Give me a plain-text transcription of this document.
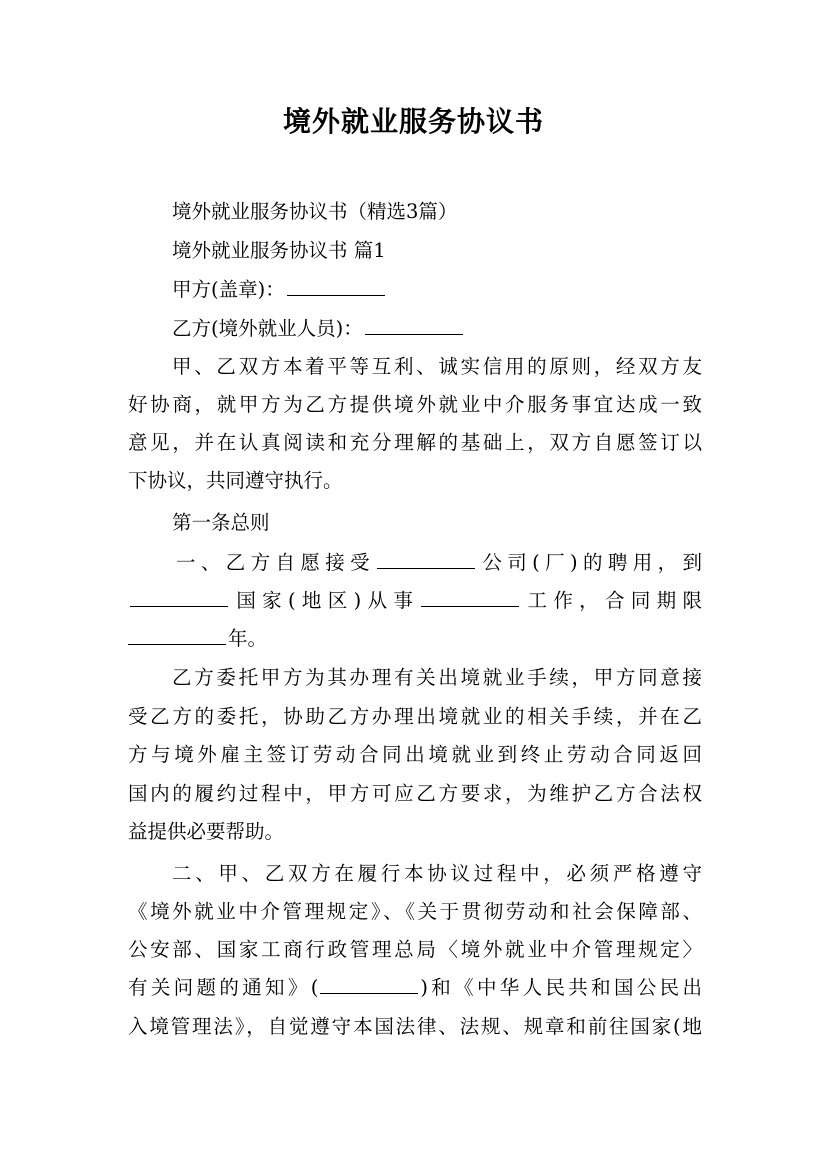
境外就业服务协议书
境外就业服务协议书（精选3篇）
境外就业服务协议书 篇1
甲方(盖章)：
乙方(境外就业人员)：
甲、乙双方本着平等互利、诚实信用的原则，经双方友
好协商，就甲方为乙方提供境外就业中介服务事宜达成一致
意见，并在认真阅读和充分理解的基础上，双方自愿签订以
下协议，共同遵守执行。
第一条总则
一、乙方自愿接受	公司(厂)的聘用，到
国家(地区)从事	工作，合同期限
年。
乙方委托甲方为其办理有关出境就业手续，甲方同意接
受乙方的委托，协助乙方办理出境就业的相关手续，并在乙
方与境外雇主签订劳动合同出境就业到终止劳动合同返回
国内的履约过程中，甲方可应乙方要求，为维护乙方合法权
益提供必要帮助。
二、甲、乙双方在履行本协议过程中，必须严格遵守
《境外就业中介管理规定》、《关于贯彻劳动和社会保障部、
公安部、国家工商行政管理总局〈境外就业中介管理规定〉
有关问题的通知》(	)和《中华人民共和国公民出
入境管理法》，自觉遵守本国法律、法规、规章和前往国家(地
